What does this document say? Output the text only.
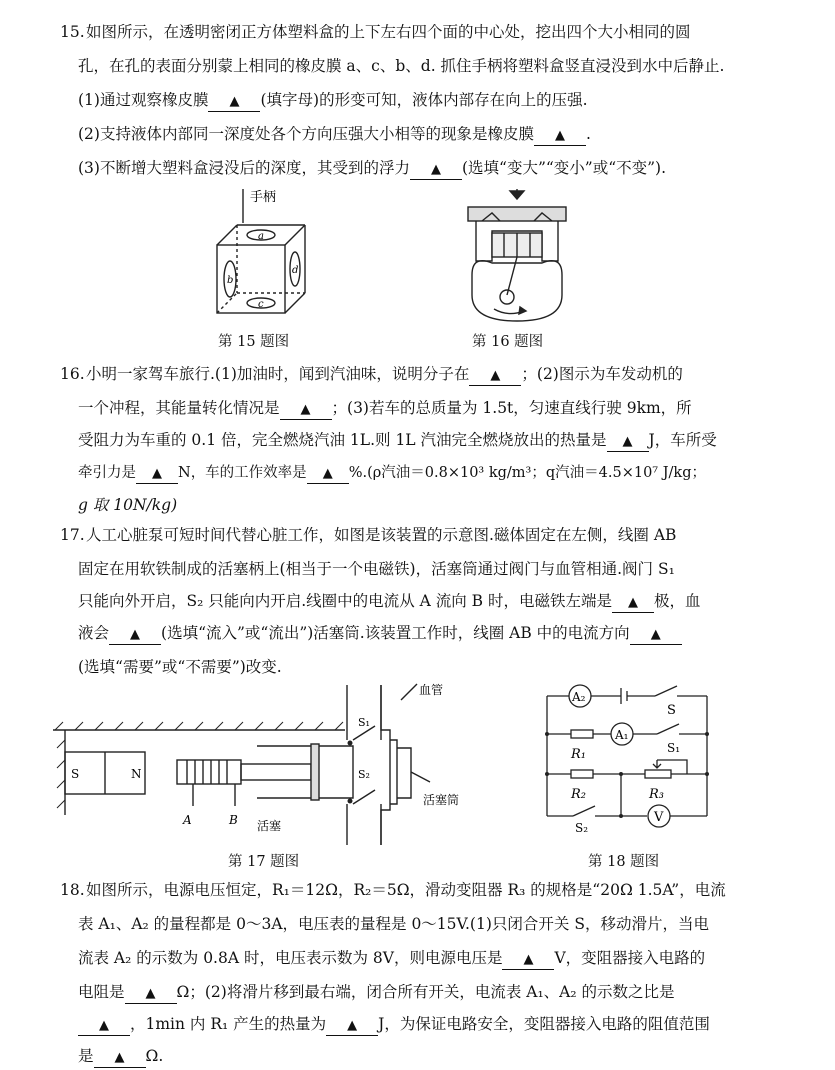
15.如图所示，在透明密闭正方体塑料盒的上下左右四个面的中心处，挖出四个大小相同的圆
孔，在孔的表面分别蒙上相同的橡皮膜 a、c、b、d. 抓住手柄将塑料盒竖直浸没到水中后静止.
(1)通过观察橡皮膜 ▲ (填字母)的形变可知，液体内部存在向上的压强.
(2)支持液体内部同一深度处各个方向压强大小相等的现象是橡皮膜 ▲ .
(3)不断增大塑料盒浸没后的深度，其受到的浮力 ▲ (选填“变大”“变小”或“不变”).
手柄
a
b
c
d
第 15 题图	第 16 题图
16.小明一家驾车旅行.(1)加油时，闻到汽油味，说明分子在 ▲ ；(2)图示为车发动机的
一个冲程，其能量转化情况是 ▲ ；(3)若车的总质量为 1.5t，匀速直线行驶 9km，所
受阻力为车重的 0.1 倍，完全燃烧汽油 1L.则 1L 汽油完全燃烧放出的热量是 ▲ J，车所受
牵引力是 ▲ N，车的工作效率是 ▲ %.(ρ汽油＝0.8×10³ kg/m³；q汽油＝4.5×10⁷ J/kg；
g 取 10N/kg)
17.人工心脏泵可短时间代替心脏工作，如图是该装置的示意图.磁体固定在左侧，线圈 AB
固定在用软铁制成的活塞柄上(相当于一个电磁铁)，活塞筒通过阀门与血管相通.阀门 S₁
只能向外开启，S₂ 只能向内开启.线圈中的电流从 A 流向 B 时，电磁铁左端是 ▲ 极，血
液会 ▲ (选填“流入”或“流出”)活塞筒.该装置工作时，线圈 AB 中的电流方向 ▲
(选填“需要”或“不需要”)改变.
S	N
A	B 活塞
活塞筒
血管
S₁
S₂
第 17 题图
A₂
A₁
S
S₁
S₂
R₁
R₂	R₃
V
第 18 题图
18.如图所示，电源电压恒定，R₁＝12Ω，R₂＝5Ω，滑动变阻器 R₃ 的规格是“20Ω 1.5A”，电流
表 A₁、A₂ 的量程都是 0～3A，电压表的量程是 0～15V.(1)只闭合开关 S，移动滑片，当电
流表 A₂ 的示数为 0.8A 时，电压表示数为 8V，则电源电压是 ▲ V，变阻器接入电路的
电阻是 ▲ Ω；(2)将滑片移到最右端，闭合所有开关，电流表 A₁、A₂ 的示数之比是
▲ ，1min 内 R₁ 产生的热量为 ▲ J，为保证电路安全，变阻器接入电路的阻值范围
是 ▲ Ω.
